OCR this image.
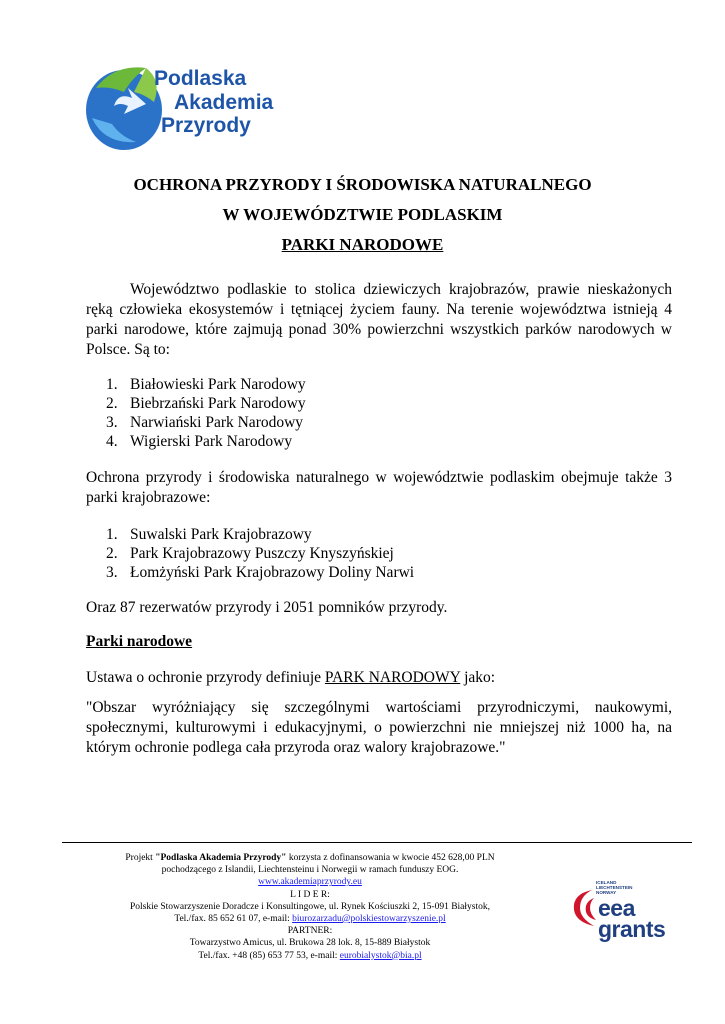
Podlaska
Akademia
Przyrody
OCHRONA PRZYRODY I ŚRODOWISKA NATURALNEGO
W WOJEWÓDZTWIE PODLASKIM
PARKI NARODOWE
Województwo podlaskie to stolica dziewiczych krajobrazów, prawie nieskażonych ręką człowieka ekosystemów i tętniącej życiem fauny. Na terenie województwa istnieją 4 parki narodowe, które zajmują ponad 30% powierzchni wszystkich parków narodowych w Polsce. Są to:
1. Białowieski Park Narodowy
2. Biebrzański Park Narodowy
3. Narwiański Park Narodowy
4. Wigierski Park Narodowy
Ochrona przyrody i środowiska naturalnego w województwie podlaskim obejmuje także 3 parki krajobrazowe:
1. Suwalski Park Krajobrazowy
2. Park Krajobrazowy Puszczy Knyszyńskiej
3. Łomżyński Park Krajobrazowy Doliny Narwi
Oraz 87 rezerwatów przyrody i 2051 pomników przyrody.
Parki narodowe
Ustawa o ochronie przyrody definiuje PARK NARODOWY jako:
"Obszar wyróżniający się szczególnymi wartościami przyrodniczymi, naukowymi, społecznymi, kulturowymi i edukacyjnymi, o powierzchni nie mniejszej niż 1000 ha, na którym ochronie podlega cała przyroda oraz walory krajobrazowe."
Projekt "Podlaska Akademia Przyrody" korzysta z dofinansowania w kwocie 452 628,00 PLN
pochodzącego z Islandii, Liechtensteinu i Norwegii w ramach funduszy EOG.
www.akademiaprzyrody.eu
L I D E R:
Polskie Stowarzyszenie Doradcze i Konsultingowe, ul. Rynek Kościuszki 2, 15-091 Białystok,
Tel./fax. 85 652 61 07, e-mail: biurozarzadu@polskiestowarzyszenie.pl
PARTNER:
Towarzystwo Amicus, ul. Brukowa 28 lok. 8, 15-889 Białystok
Tel./fax. +48 (85) 653 77 53, e-mail: eurobialystok@bia.pl
ICELAND
LIECHTENSTEIN
NORWAY
eea
grants
